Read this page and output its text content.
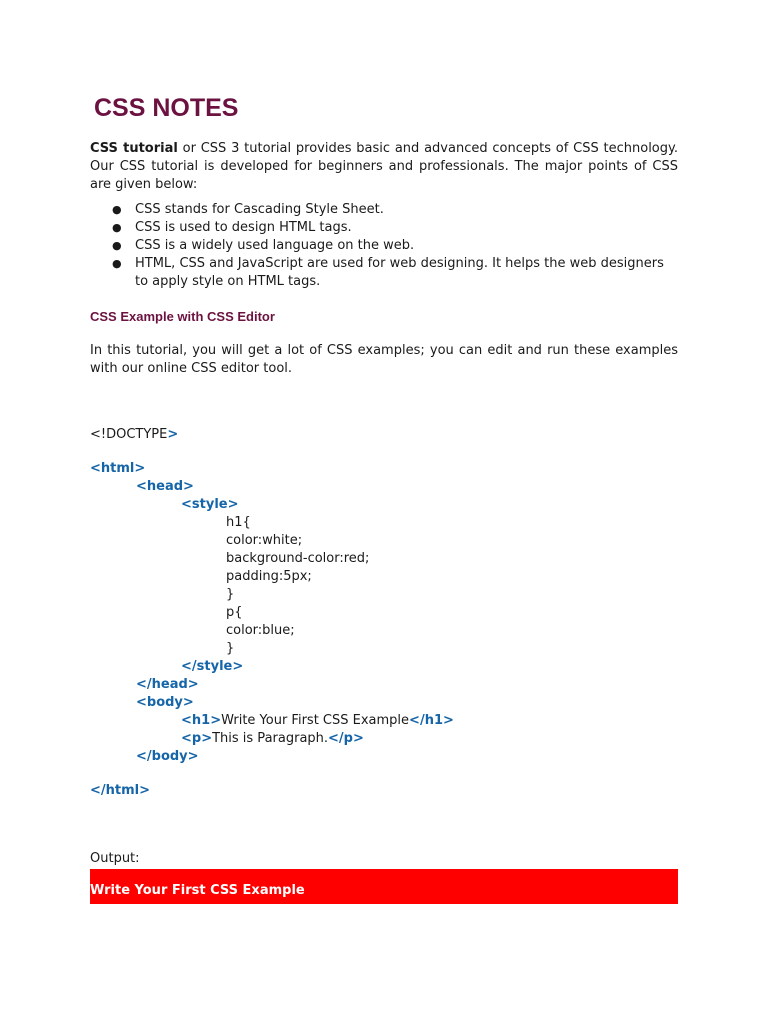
CSS NOTES

CSS tutorial or CSS 3 tutorial provides basic and advanced concepts of CSS technology. Our CSS tutorial is developed for beginners and professionals. The major points of CSS are given below:

● CSS stands for Cascading Style Sheet.
● CSS is used to design HTML tags.
● CSS is a widely used language on the web.
● HTML, CSS and JavaScript are used for web designing. It helps the web designers to apply style on HTML tags.
CSS Example with CSS Editor

In this tutorial, you will get a lot of CSS examples; you can edit and run these examples with our online CSS editor tool.

<!DOCTYPE>
<html>
<head>
<style>
h1{
color:white;
background-color:red;
padding:5px;
}
p{
color:blue;
}
</style>
</head>
<body>
<h1>Write Your First CSS Example</h1>
<p>This is Paragraph.</p>
</body>
</html>

Output:

Write Your First CSS Example
